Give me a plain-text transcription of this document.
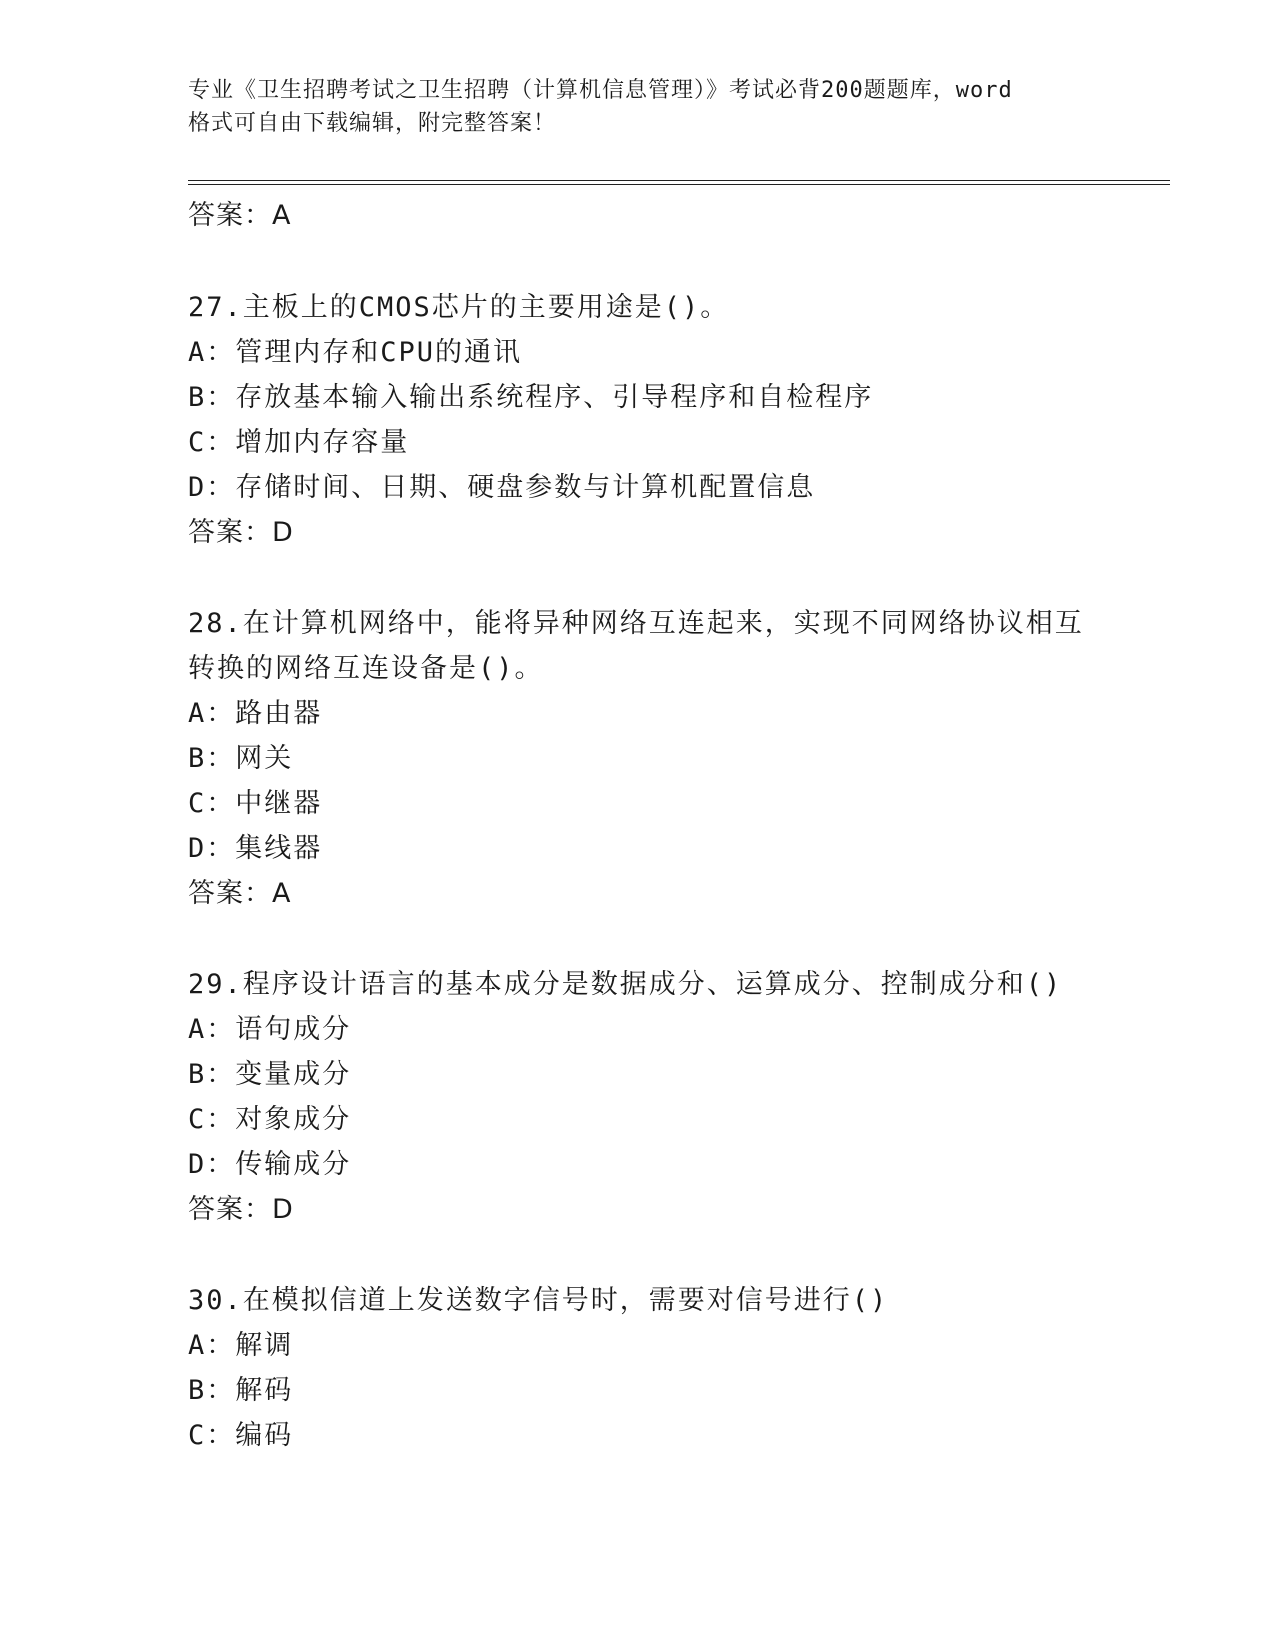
专业《卫生招聘考试之卫生招聘（计算机信息管理）》考试必背200题题库，word
格式可自由下载编辑，附完整答案！
答案：A
27.主板上的CMOS芯片的主要用途是()。
A：管理内存和CPU的通讯
B：存放基本输入输出系统程序、引导程序和自检程序
C：增加内存容量
D：存储时间、日期、硬盘参数与计算机配置信息
答案：D
28.在计算机网络中，能将异种网络互连起来，实现不同网络协议相互
转换的网络互连设备是()。
A：路由器
B：网关
C：中继器
D：集线器
答案：A
29.程序设计语言的基本成分是数据成分、运算成分、控制成分和()
A：语句成分
B：变量成分
C：对象成分
D：传输成分
答案：D
30.在模拟信道上发送数字信号时，需要对信号进行()
A：解调
B：解码
C：编码
